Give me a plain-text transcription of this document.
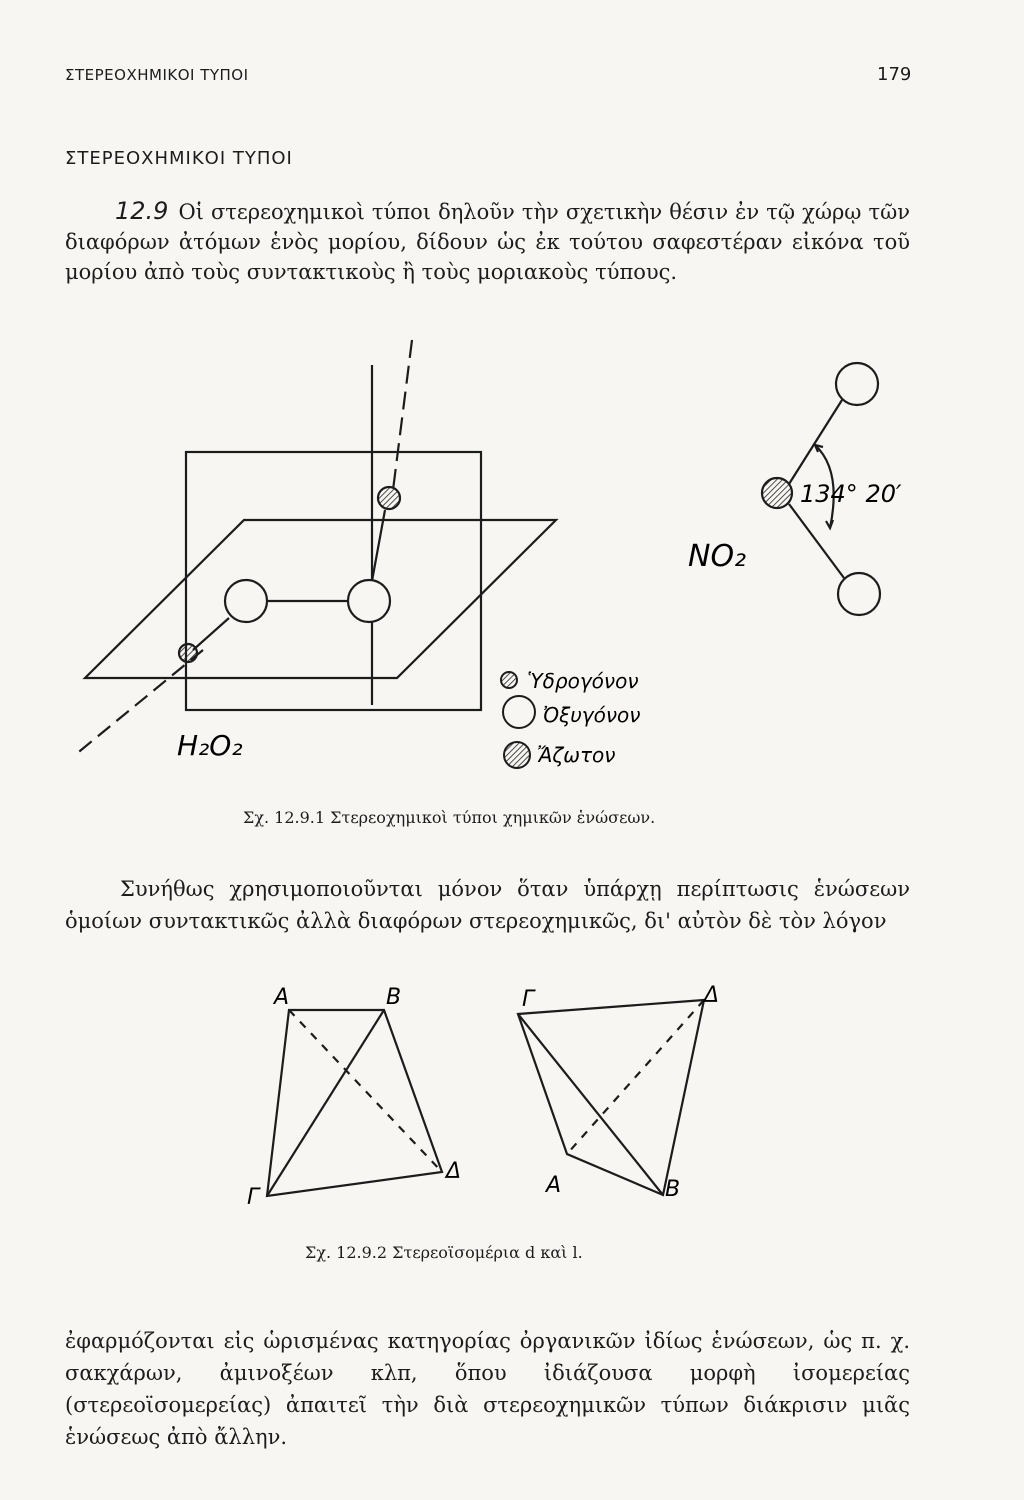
ΣΤΕΡΕΟΧΗΜΙΚΟΙ ΤΥΠΟΙ	179
ΣΤΕΡΕΟΧΗΜΙΚΟΙ ΤΥΠΟΙ
12.9 Οἱ στερεοχημικοὶ τύποι δηλοῦν τὴν σχετικὴν θέσιν ἐν τῷ χώρῳ τῶν διαφόρων ἀτόμων ἑνὸς μορίου, δίδουν ὡς ἐκ τούτου σαφεστέραν εἰκόνα τοῦ μορίου ἀπὸ τοὺς συντακτικοὺς ἢ τοὺς μοριακοὺς τύπους.
H₂O₂
134° 20′
NO₂
Ὑδρογόνον
Ὀξυγόνον
Ἄζωτον
Σχ. 12.9.1 Στερεοχημικοὶ τύποι χημικῶν ἑνώσεων.
Συνήθως χρησιμοποιοῦνται μόνον ὅταν ὑπάρχῃ περίπτωσις ἑνώσεων ὁμοίων συντακτικῶς ἀλλὰ διαφόρων στερεοχημικῶς, δι' αὐτὸν δὲ τὸν λόγον
A	B
Γ
Δ
Γ	Δ
A	B
Σχ. 12.9.2 Στερεοϊσομέρια d καὶ l.
ἐφαρμόζονται εἰς ὡρισμένας κατηγορίας ὀργανικῶν ἰδίως ἑνώσεων, ὡς π. χ. σακχάρων, ἀμινοξέων κλπ, ὅπου ἰδιάζουσα μορφὴ ἰσομερείας (στερεοϊσομερείας) ἀπαιτεῖ τὴν διὰ στερεοχημικῶν τύπων διάκρισιν μιᾶς ἑνώσεως ἀπὸ ἄλλην.
